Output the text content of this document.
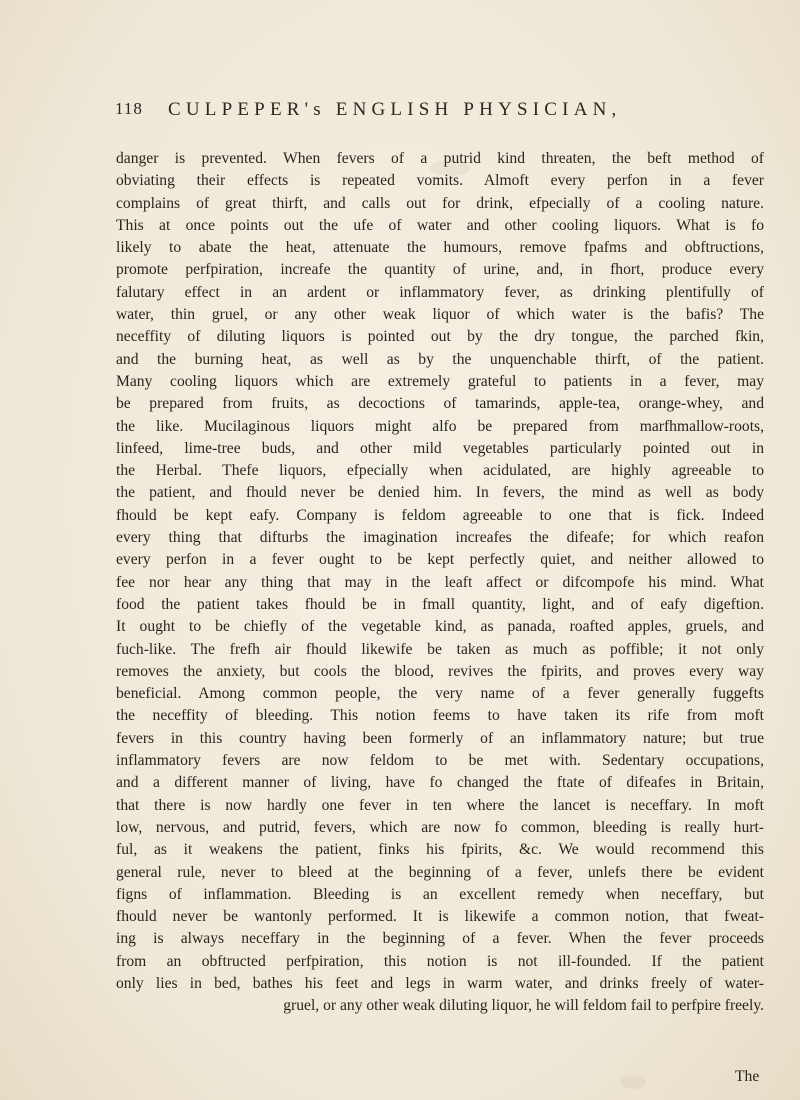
118 CULPEPER's ENGLISH PHYSICIAN,
danger is prevented. When fevers of a putrid kind threaten, the beft method of
obviating their effects is repeated vomits. Almoft every perfon in a fever
complains of great thirft, and calls out for drink, efpecially of a cooling nature.
This at once points out the ufe of water and other cooling liquors. What is fo
likely to abate the heat, attenuate the humours, remove fpafms and obftructions,
promote perfpiration, increafe the quantity of urine, and, in fhort, produce every
falutary effect in an ardent or inflammatory fever, as drinking plentifully of
water, thin gruel, or any other weak liquor of which water is the bafis? The
neceffity of diluting liquors is pointed out by the dry tongue, the parched fkin,
and the burning heat, as well as by the unquenchable thirft, of the patient.
Many cooling liquors which are extremely grateful to patients in a fever, may
be prepared from fruits, as decoctions of tamarinds, apple-tea, orange-whey, and
the like. Mucilaginous liquors might alfo be prepared from marfhmallow-roots,
linfeed, lime-tree buds, and other mild vegetables particularly pointed out in
the Herbal. Thefe liquors, efpecially when acidulated, are highly agreeable to
the patient, and fhould never be denied him. In fevers, the mind as well as body
fhould be kept eafy. Company is feldom agreeable to one that is fick. Indeed
every thing that difturbs the imagination increafes the difeafe; for which reafon
every perfon in a fever ought to be kept perfectly quiet, and neither allowed to
fee nor hear any thing that may in the leaft affect or difcompofe his mind. What
food the patient takes fhould be in fmall quantity, light, and of eafy digeftion.
It ought to be chiefly of the vegetable kind, as panada, roafted apples, gruels, and
fuch-like. The frefh air fhould likewife be taken as much as poffible; it not only
removes the anxiety, but cools the blood, revives the fpirits, and proves every way
beneficial. Among common people, the very name of a fever generally fuggefts
the neceffity of bleeding. This notion feems to have taken its rife from moft
fevers in this country having been formerly of an inflammatory nature; but true
inflammatory fevers are now feldom to be met with. Sedentary occupations,
and a different manner of living, have fo changed the ftate of difeafes in Britain,
that there is now hardly one fever in ten where the lancet is neceffary. In moft
low, nervous, and putrid, fevers, which are now fo common, bleeding is really hurt-
ful, as it weakens the patient, finks his fpirits, &c. We would recommend this
general rule, never to bleed at the beginning of a fever, unlefs there be evident
figns of inflammation. Bleeding is an excellent remedy when neceffary, but
fhould never be wantonly performed. It is likewife a common notion, that fweat-
ing is always neceffary in the beginning of a fever. When the fever proceeds
from an obftructed perfpiration, this notion is not ill-founded. If the patient
only lies in bed, bathes his feet and legs in warm water, and drinks freely of water-
gruel, or any other weak diluting liquor, he will feldom fail to perfpire freely.
The
